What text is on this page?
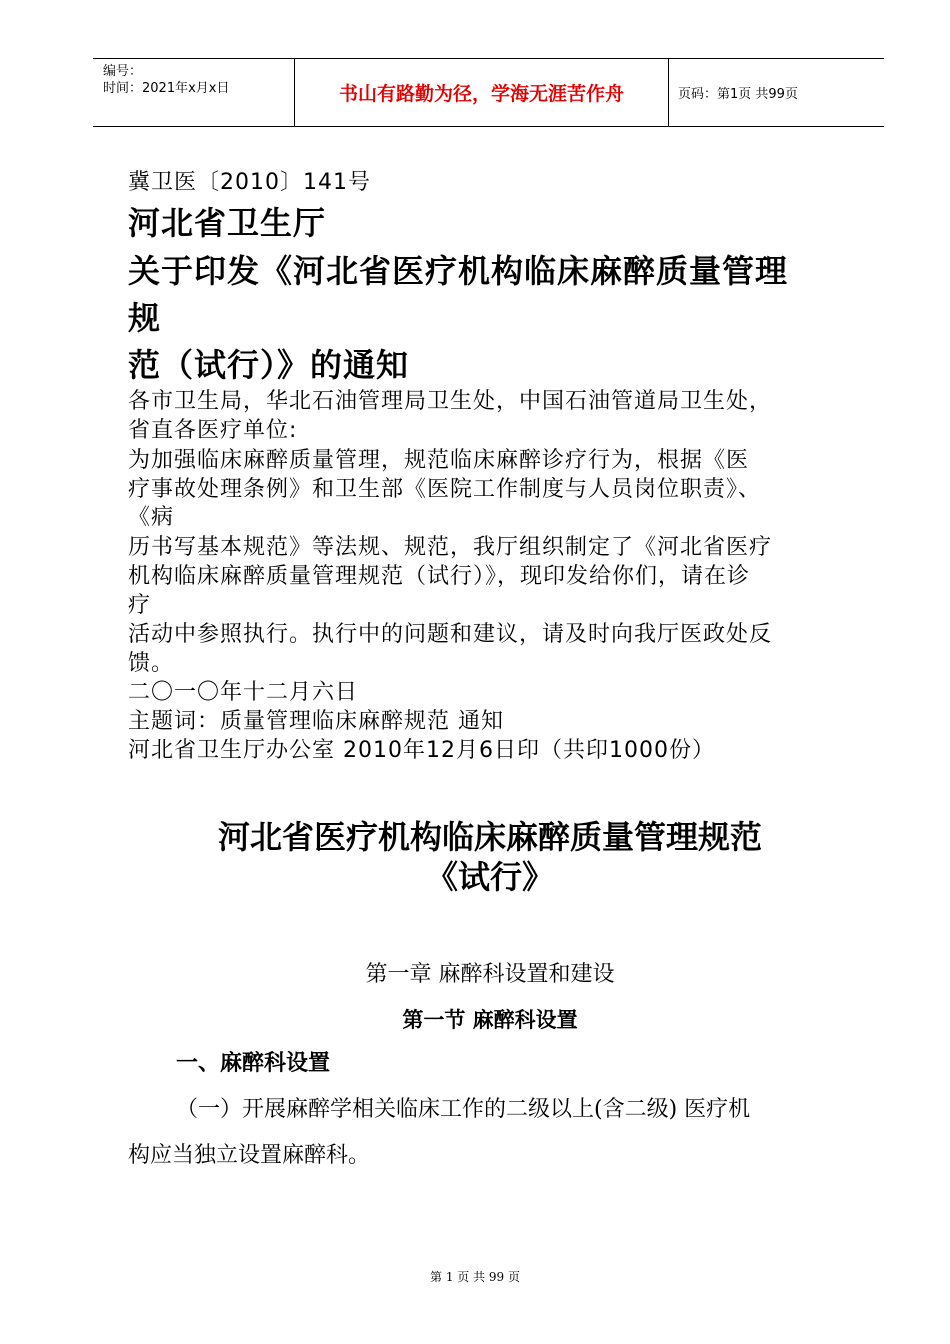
编号：
时间：2021年x月x日	书山有路勤为径，学海无涯苦作舟	页码：第1页 共99页
冀卫医〔2010〕141号
河北省卫生厅
关于印发《河北省医疗机构临床麻醉质量管理
规
范（试行）》的通知
各市卫生局，华北石油管理局卫生处，中国石油管道局卫生处，
省直各医疗单位:
为加强临床麻醉质量管理，规范临床麻醉诊疗行为，根据《医
疗事故处理条例》和卫生部《医院工作制度与人员岗位职责》、
《病
历书写基本规范》等法规、规范，我厅组织制定了《河北省医疗
机构临床麻醉质量管理规范（试行）》，现印发给你们，请在诊
疗
活动中参照执行。执行中的问题和建议，请及时向我厅医政处反
馈。
二〇一〇年十二月六日
主题词：质量管理临床麻醉规范 通知
河北省卫生厅办公室 2010年12月6日印（共印1000份）
河北省医疗机构临床麻醉质量管理规范
《试行》
第一章 麻醉科设置和建设
第一节 麻醉科设置
一、麻醉科设置
（一）开展麻醉学相关临床工作的二级以上(含二级) 医疗机
构应当独立设置麻醉科。
第 1 页 共 99 页
